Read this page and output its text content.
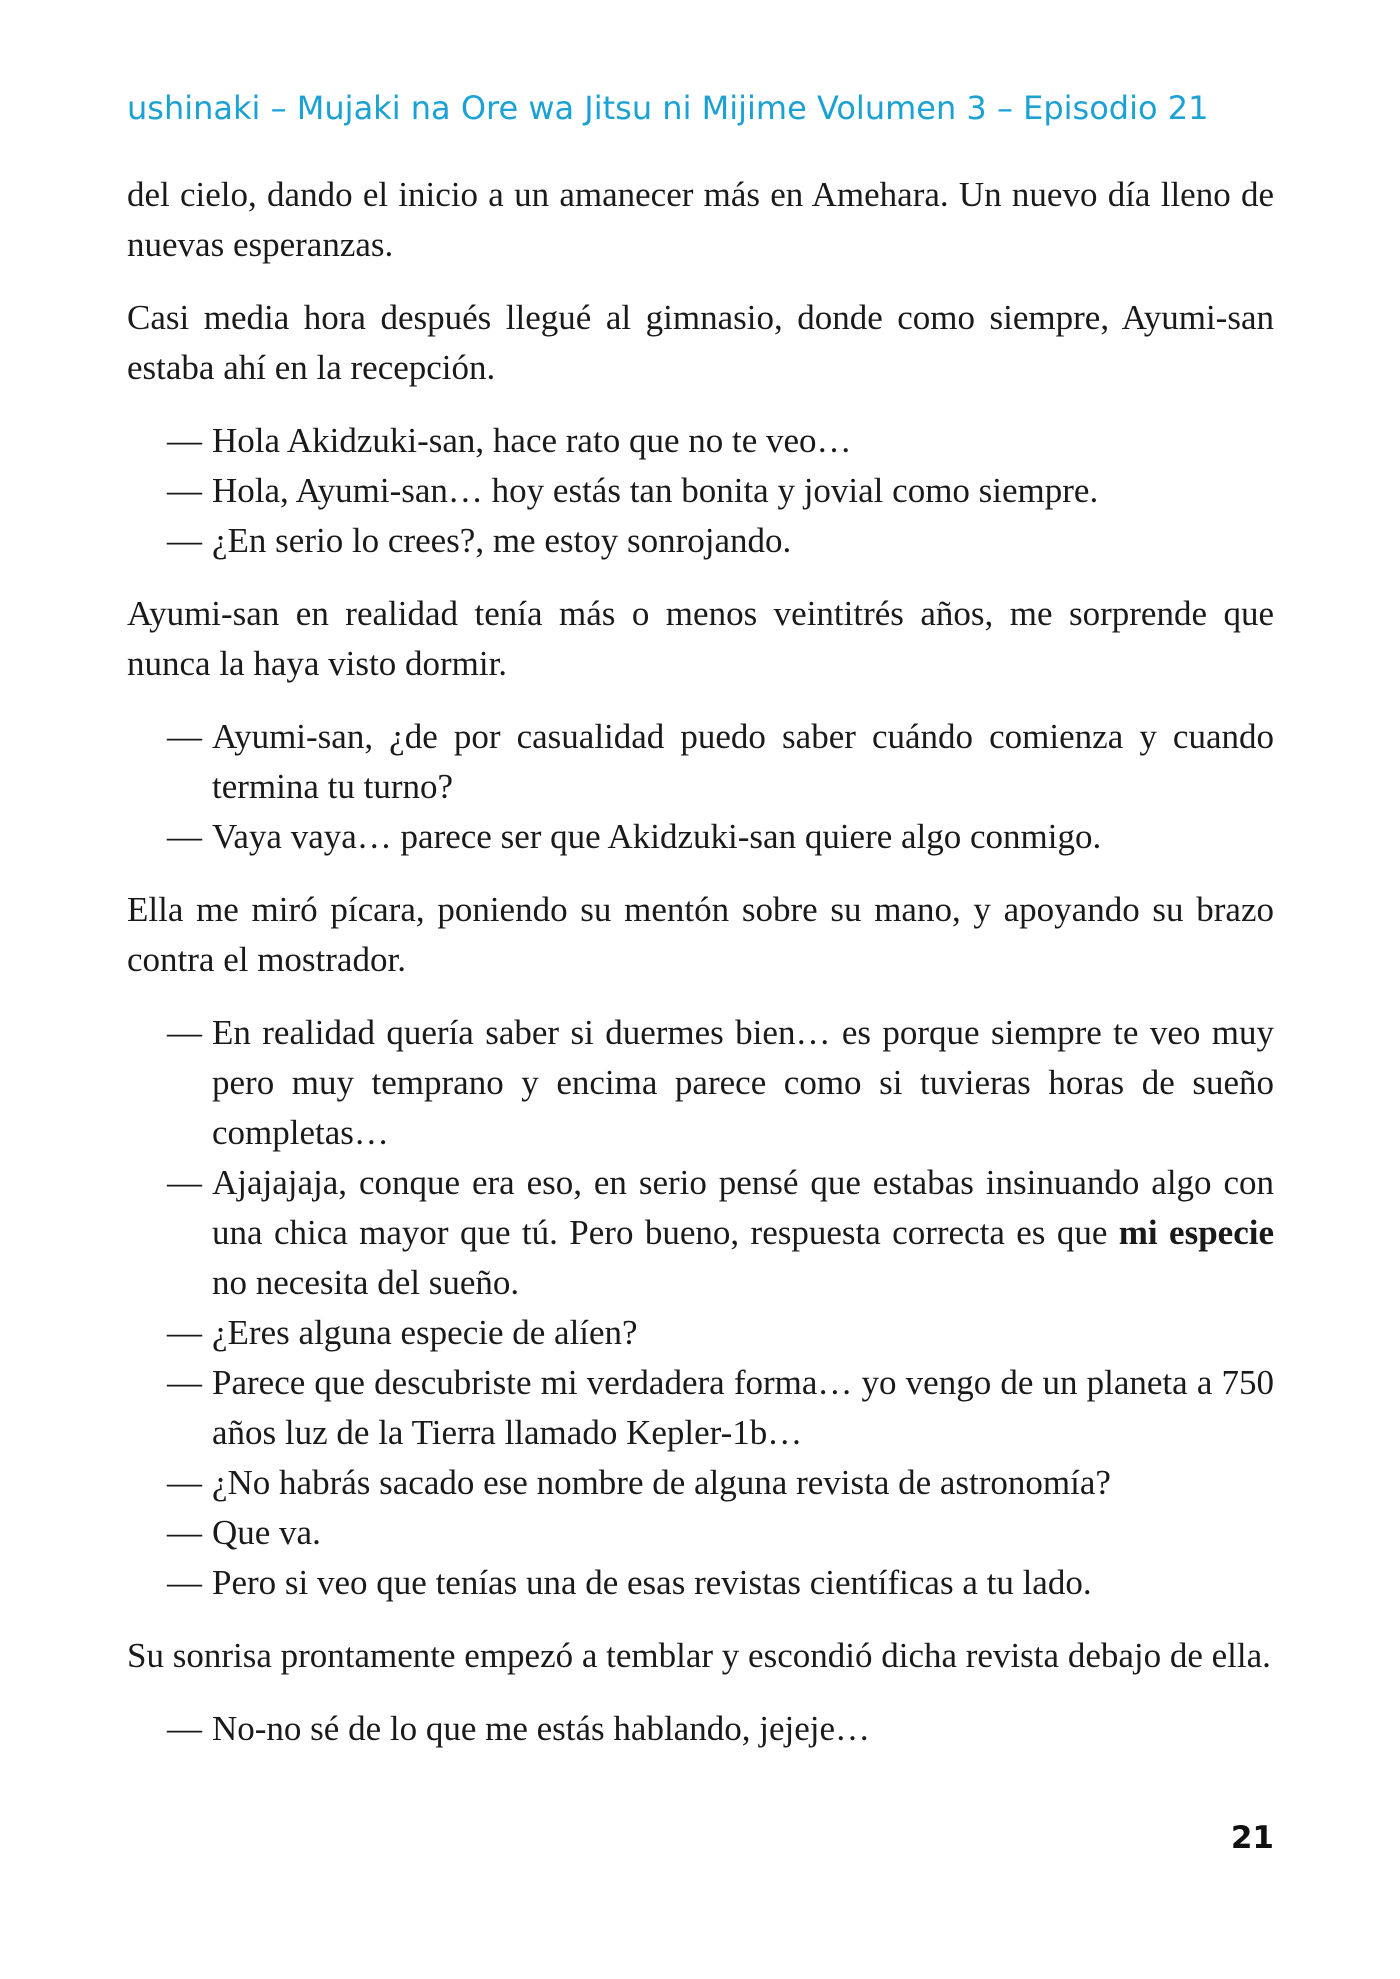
ushinaki – Mujaki na Ore wa Jitsu ni Mijime Volumen 3 – Episodio 21

del cielo, dando el inicio a un amanecer más en Amehara. Un nuevo día lleno de nuevas esperanzas.

Casi media hora después llegué al gimnasio, donde como siempre, Ayumi-san estaba ahí en la recepción.

— Hola Akidzuki-san, hace rato que no te veo…
— Hola, Ayumi-san… hoy estás tan bonita y jovial como siempre.
— ¿En serio lo crees?, me estoy sonrojando.

Ayumi-san en realidad tenía más o menos veintitrés años, me sorprende que nunca la haya visto dormir.

— Ayumi-san, ¿de por casualidad puedo saber cuándo comienza y cuando termina tu turno?
— Vaya vaya… parece ser que Akidzuki-san quiere algo conmigo.

Ella me miró pícara, poniendo su mentón sobre su mano, y apoyando su brazo contra el mostrador.

— En realidad quería saber si duermes bien… es porque siempre te veo muy pero muy temprano y encima parece como si tuvieras horas de sueño completas…
— Ajajajaja, conque era eso, en serio pensé que estabas insinuando algo con una chica mayor que tú. Pero bueno, respuesta correcta es que mi especie no necesita del sueño.
— ¿Eres alguna especie de alíen?
— Parece que descubriste mi verdadera forma… yo vengo de un planeta a 750 años luz de la Tierra llamado Kepler-1b…
— ¿No habrás sacado ese nombre de alguna revista de astronomía?
— Que va.
— Pero si veo que tenías una de esas revistas científicas a tu lado.

Su sonrisa prontamente empezó a temblar y escondió dicha revista debajo de ella.

— No-no sé de lo que me estás hablando, jejeje…
21
